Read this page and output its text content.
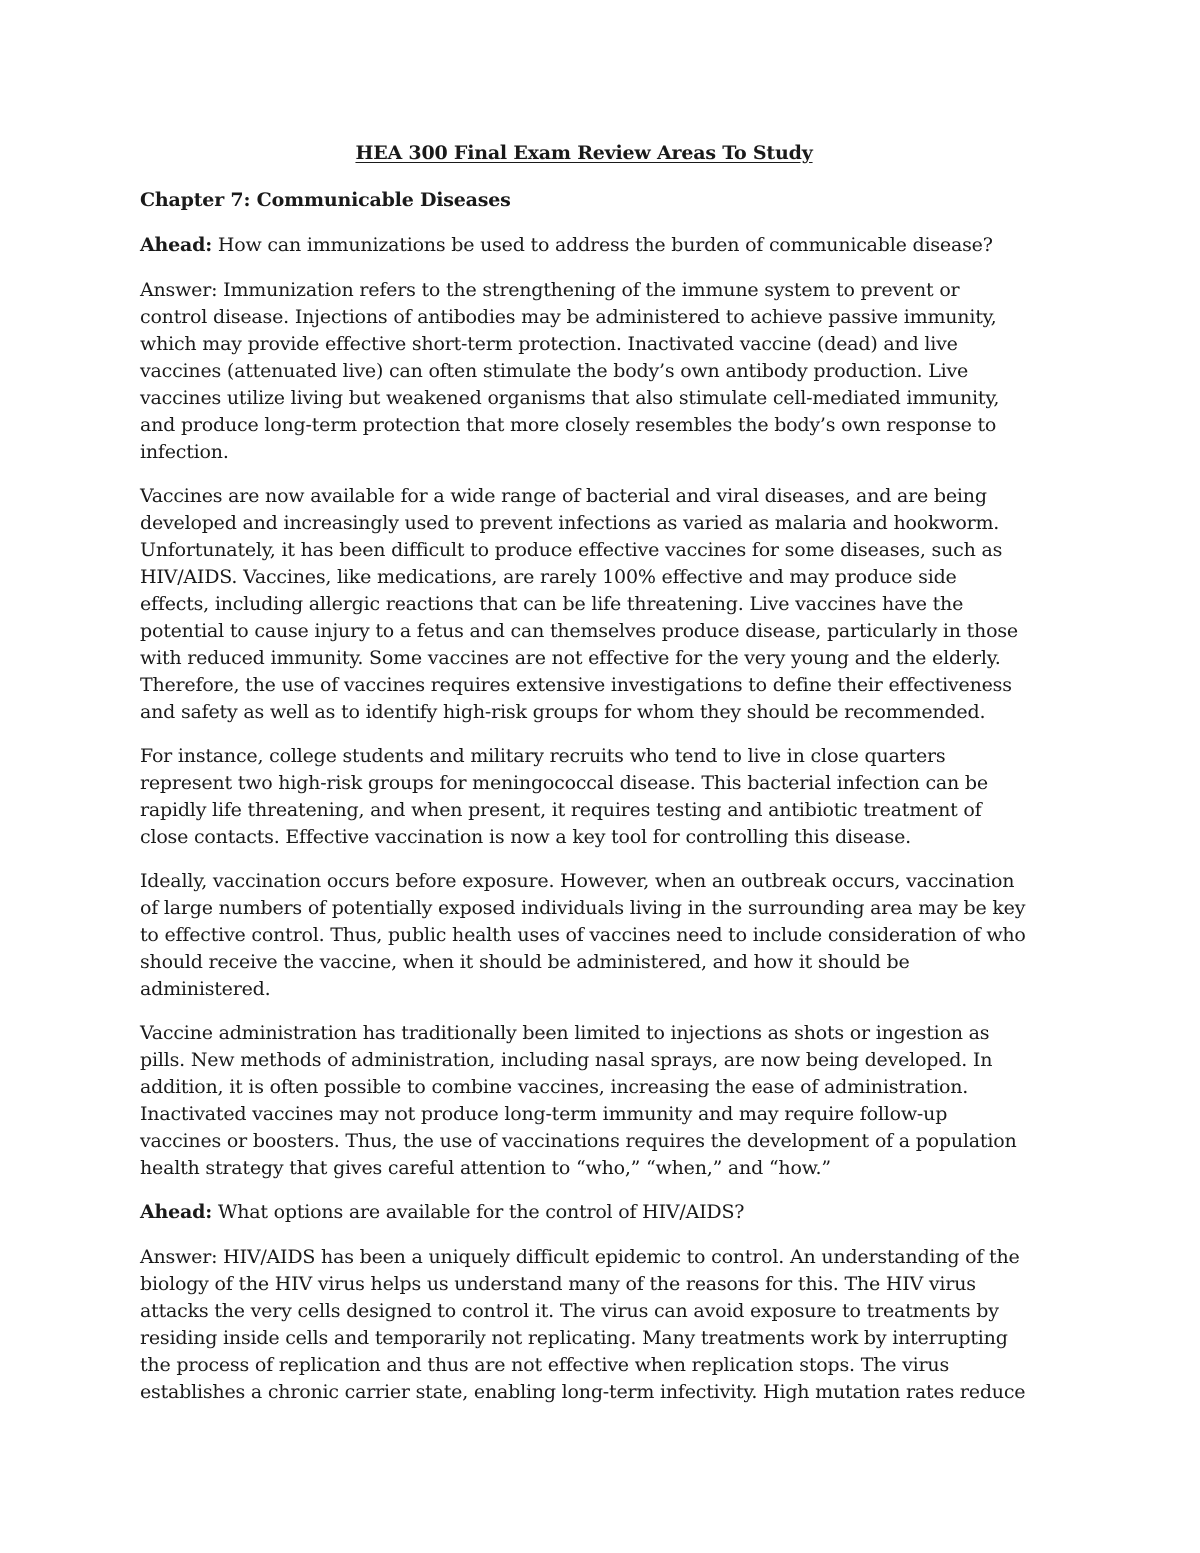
HEA 300 Final Exam Review Areas To Study
Chapter 7: Communicable Diseases

Ahead: How can immunizations be used to address the burden of communicable disease?

Answer: Immunization refers to the strengthening of the immune system to prevent or control disease. Injections of antibodies may be administered to achieve passive immunity, which may provide effective short-term protection. Inactivated vaccine (dead) and live vaccines (attenuated live) can often stimulate the body’s own antibody production. Live vaccines utilize living but weakened organisms that also stimulate cell-mediated immunity, and produce long-term protection that more closely resembles the body’s own response to infection.

Vaccines are now available for a wide range of bacterial and viral diseases, and are being developed and increasingly used to prevent infections as varied as malaria and hookworm. Unfortunately, it has been difficult to produce effective vaccines for some diseases, such as HIV/AIDS. Vaccines, like medications, are rarely 100% effective and may produce side effects, including allergic reactions that can be life threatening. Live vaccines have the potential to cause injury to a fetus and can themselves produce disease, particularly in those with reduced immunity. Some vaccines are not effective for the very young and the elderly. Therefore, the use of vaccines requires extensive investigations to define their effectiveness and safety as well as to identify high-risk groups for whom they should be recommended.

For instance, college students and military recruits who tend to live in close quarters represent two high-risk groups for meningococcal disease. This bacterial infection can be rapidly life threatening, and when present, it requires testing and antibiotic treatment of close contacts. Effective vaccination is now a key tool for controlling this disease.

Ideally, vaccination occurs before exposure. However, when an outbreak occurs, vaccination of large numbers of potentially exposed individuals living in the surrounding area may be key to effective control. Thus, public health uses of vaccines need to include consideration of who should receive the vaccine, when it should be administered, and how it should be administered.

Vaccine administration has traditionally been limited to injections as shots or ingestion as pills. New methods of administration, including nasal sprays, are now being developed. In addition, it is often possible to combine vaccines, increasing the ease of administration. Inactivated vaccines may not produce long-term immunity and may require follow-up vaccines or boosters. Thus, the use of vaccinations requires the development of a population health strategy that gives careful attention to “who,” “when,” and “how.”

Ahead: What options are available for the control of HIV/AIDS?

Answer: HIV/AIDS has been a uniquely difficult epidemic to control. An understanding of the biology of the HIV virus helps us understand many of the reasons for this. The HIV virus attacks the very cells designed to control it. The virus can avoid exposure to treatments by residing inside cells and temporarily not replicating. Many treatments work by interrupting the process of replication and thus are not effective when replication stops. The virus establishes a chronic carrier state, enabling long-term infectivity. High mutation rates reduce
